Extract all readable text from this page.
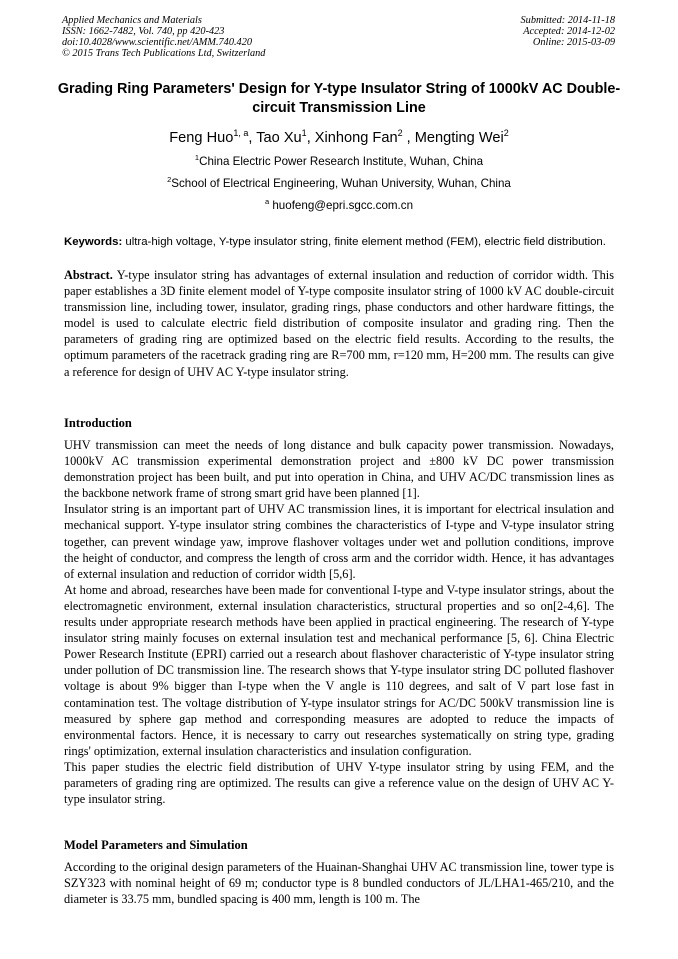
Applied Mechanics and Materials
ISSN: 1662-7482, Vol. 740, pp 420-423
doi:10.4028/www.scientific.net/AMM.740.420
© 2015 Trans Tech Publications Ltd, Switzerland
Submitted: 2014-11-18
Accepted: 2014-12-02
Online: 2015-03-09
Grading Ring Parameters' Design for Y-type Insulator String of 1000kV AC Double-circuit Transmission Line
Feng Huo$^{1, a}$, Tao Xu$^1$, Xinhong Fan$^2$ , Mengting Wei$^2$
$^1$China Electric Power Research Institute, Wuhan, China
$^2$School of Electrical Engineering, Wuhan University, Wuhan, China
$^a$ huofeng@epri.sgcc.com.cn
Keywords: ultra-high voltage, Y-type insulator string, finite element method (FEM), electric field distribution.
Abstract. Y-type insulator string has advantages of external insulation and reduction of corridor width. This paper establishes a 3D finite element model of Y-type composite insulator string of 1000 kV AC double-circuit transmission line, including tower, insulator, grading rings, phase conductors and other hardware fittings, the model is used to calculate electric field distribution of composite insulator and grading ring. Then the parameters of grading ring are optimized based on the electric field results. According to the results, the optimum parameters of the racetrack grading ring are R=700 mm, r=120 mm, H=200 mm. The results can give a reference for design of UHV AC Y-type insulator string.
Introduction

UHV transmission can meet the needs of long distance and bulk capacity power transmission. Nowadays, 1000kV AC transmission experimental demonstration project and ±800 kV DC power transmission demonstration project has been built, and put into operation in China, and UHV AC/DC transmission lines as the backbone network frame of strong smart grid have been planned [1].

Insulator string is an important part of UHV AC transmission lines, it is important for electrical insulation and mechanical support. Y-type insulator string combines the characteristics of I-type and V-type insulator string together, can prevent windage yaw, improve flashover voltages under wet and pollution conditions, improve the height of conductor, and compress the length of cross arm and the corridor width. Hence, it has advantages of external insulation and reduction of corridor width [5,6].

At home and abroad, researches have been made for conventional I-type and V-type insulator strings, about the electromagnetic environment, external insulation characteristics, structural properties and so on[2-4,6]. The results under appropriate research methods have been applied in practical engineering. The research of Y-type insulator string mainly focuses on external insulation test and mechanical performance [5, 6]. China Electric Power Research Institute (EPRI) carried out a research about flashover characteristic of Y-type insulator string under pollution of DC transmission line. The research shows that Y-type insulator string DC polluted flashover voltage is about 9% bigger than I-type when the V angle is 110 degrees, and salt of V part lose fast in contamination test. The voltage distribution of Y-type insulator strings for AC/DC 500kV transmission line is measured by sphere gap method and corresponding measures are adopted to reduce the impacts of environmental factors. Hence, it is necessary to carry out researches systematically on string type, grading rings' optimization, external insulation characteristics and insulation configuration.

This paper studies the electric field distribution of UHV Y-type insulator string by using FEM, and the parameters of grading ring are optimized. The results can give a reference value on the design of UHV AC Y-type insulator string.

Model Parameters and Simulation

According to the original design parameters of the Huainan-Shanghai UHV AC transmission line, tower type is SZY323 with nominal height of 69 m; conductor type is 8 bundled conductors of JL/LHA1-465/210, and the diameter is 33.75 mm, bundled spacing is 400 mm, length is 100 m. The
